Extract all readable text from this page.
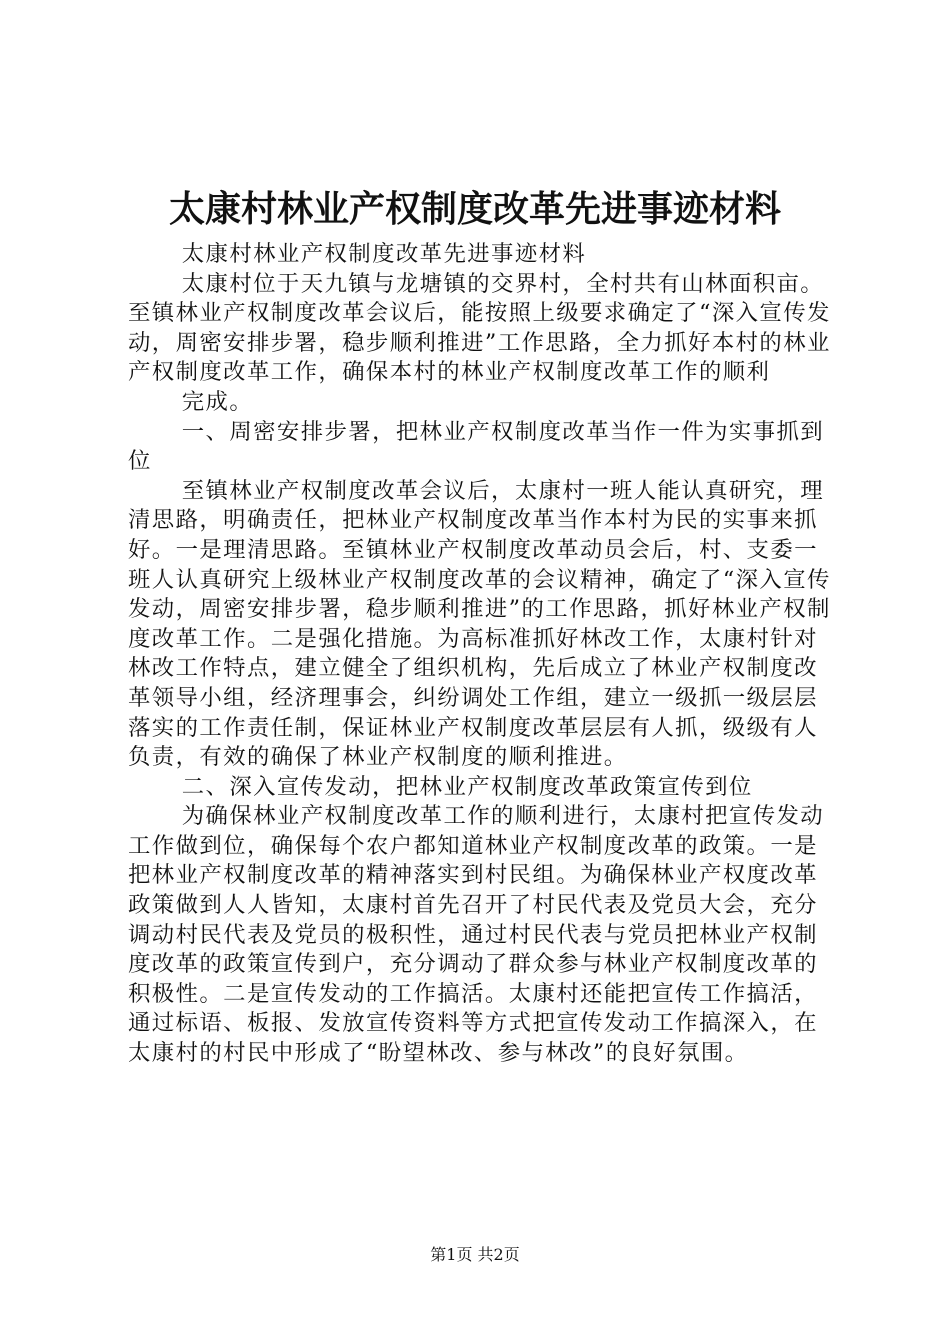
太康村林业产权制度改革先进事迹材料

太康村林业产权制度改革先进事迹材料

太康村位于天九镇与龙塘镇的交界村，全村共有山林面积亩。至镇林业产权制度改革会议后，能按照上级要求确定了“深入宣传发动，周密安排步署，稳步顺利推进”工作思路，全力抓好本村的林业产权制度改革工作，确保本村的林业产权制度改革工作的顺利

完成。

一、周密安排步署，把林业产权制度改革当作一件为实事抓到位

至镇林业产权制度改革会议后，太康村一班人能认真研究，理清思路，明确责任，把林业产权制度改革当作本村为民的实事来抓好。一是理清思路。至镇林业产权制度改革动员会后，村、支委一班人认真研究上级林业产权制度改革的会议精神，确定了“深入宣传发动，周密安排步署，稳步顺利推进”的工作思路，抓好林业产权制度改革工作。二是强化措施。为高标准抓好林改工作，太康村针对林改工作特点，建立健全了组织机构，先后成立了林业产权制度改革领导小组，经济理事会，纠纷调处工作组，建立一级抓一级层层落实的工作责任制，保证林业产权制度改革层层有人抓，级级有人负责，有效的确保了林业产权制度的顺利推进。

二、深入宣传发动，把林业产权制度改革政策宣传到位

为确保林业产权制度改革工作的顺利进行，太康村把宣传发动工作做到位，确保每个农户都知道林业产权制度改革的政策。一是把林业产权制度改革的精神落实到村民组。为确保林业产权度改革政策做到人人皆知，太康村首先召开了村民代表及党员大会，充分调动村民代表及党员的极积性，通过村民代表与党员把林业产权制度改革的政策宣传到户，充分调动了群众参与林业产权制度改革的积极性。二是宣传发动的工作搞活。太康村还能把宣传工作搞活，通过标语、板报、发放宣传资料等方式把宣传发动工作搞深入，在太康村的村民中形成了“盼望林改、参与林改”的良好氛围。

第1页 共2页
